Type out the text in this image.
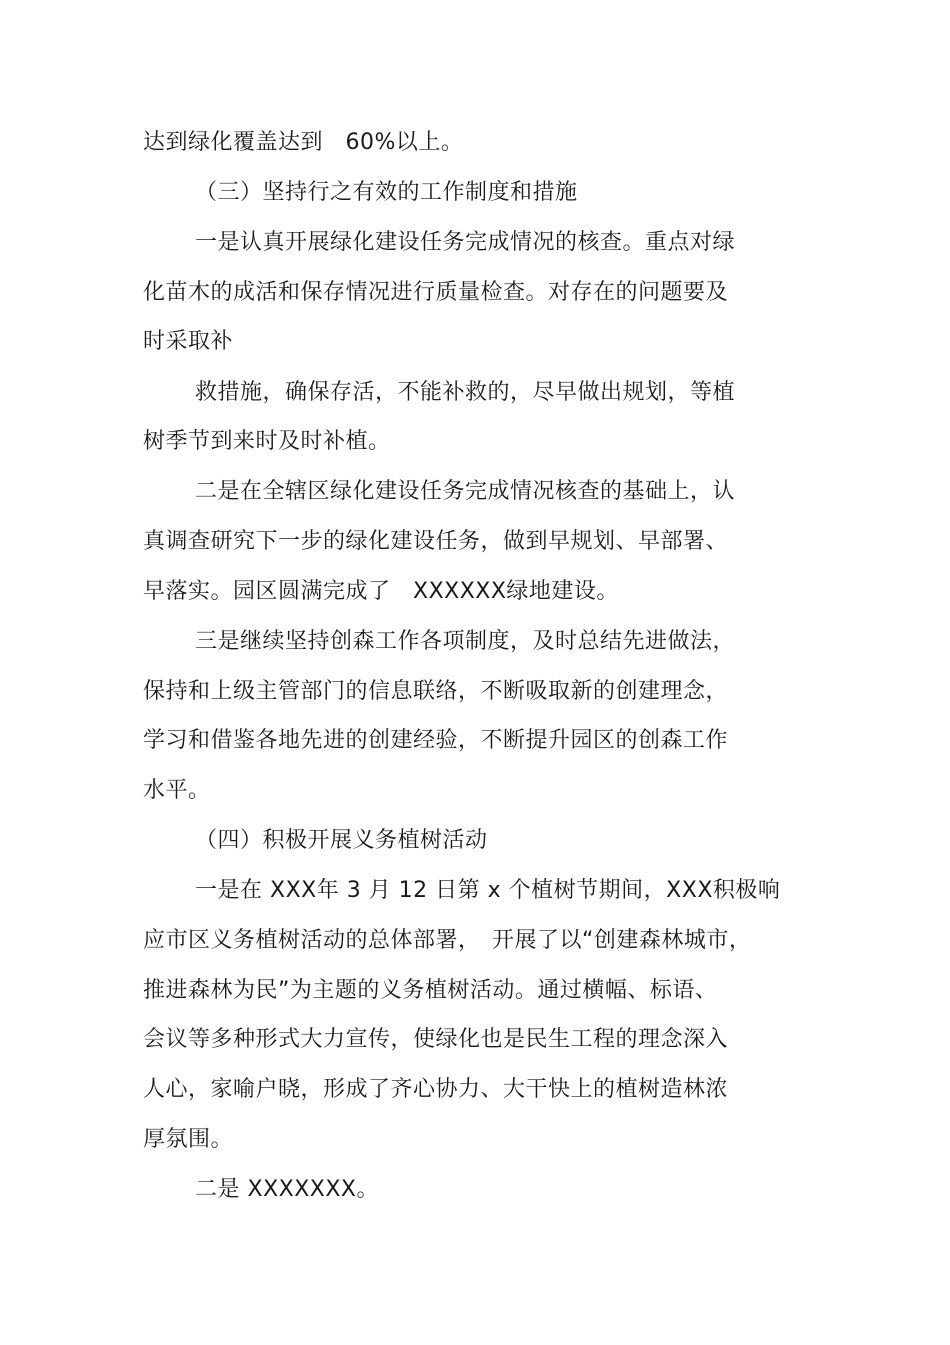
达到绿化覆盖达到　60%以上。
（三）坚持行之有效的工作制度和措施
一是认真开展绿化建设任务完成情况的核查。重点对绿
化苗木的成活和保存情况进行质量检查。对存在的问题要及
时采取补
救措施，确保存活，不能补救的，尽早做出规划，等植
树季节到来时及时补植。
二是在全辖区绿化建设任务完成情况核查的基础上，认
真调查研究下一步的绿化建设任务，做到早规划、早部署、
早落实。园区圆满完成了　XXXXXX绿地建设。
三是继续坚持创森工作各项制度，及时总结先进做法，
保持和上级主管部门的信息联络，不断吸取新的创建理念，
学习和借鉴各地先进的创建经验，不断提升园区的创森工作
水平。
（四）积极开展义务植树活动
一是在 XXX年 3 月 12 日第 x 个植树节期间，XXX积极响
应市区义务植树活动的总体部署，　开展了以“创建森林城市，
推进森林为民”为主题的义务植树活动。通过横幅、标语、
会议等多种形式大力宣传，使绿化也是民生工程的理念深入
人心，家喻户晓，形成了齐心协力、大干快上的植树造林浓
厚氛围。
二是 XXXXXXX。
